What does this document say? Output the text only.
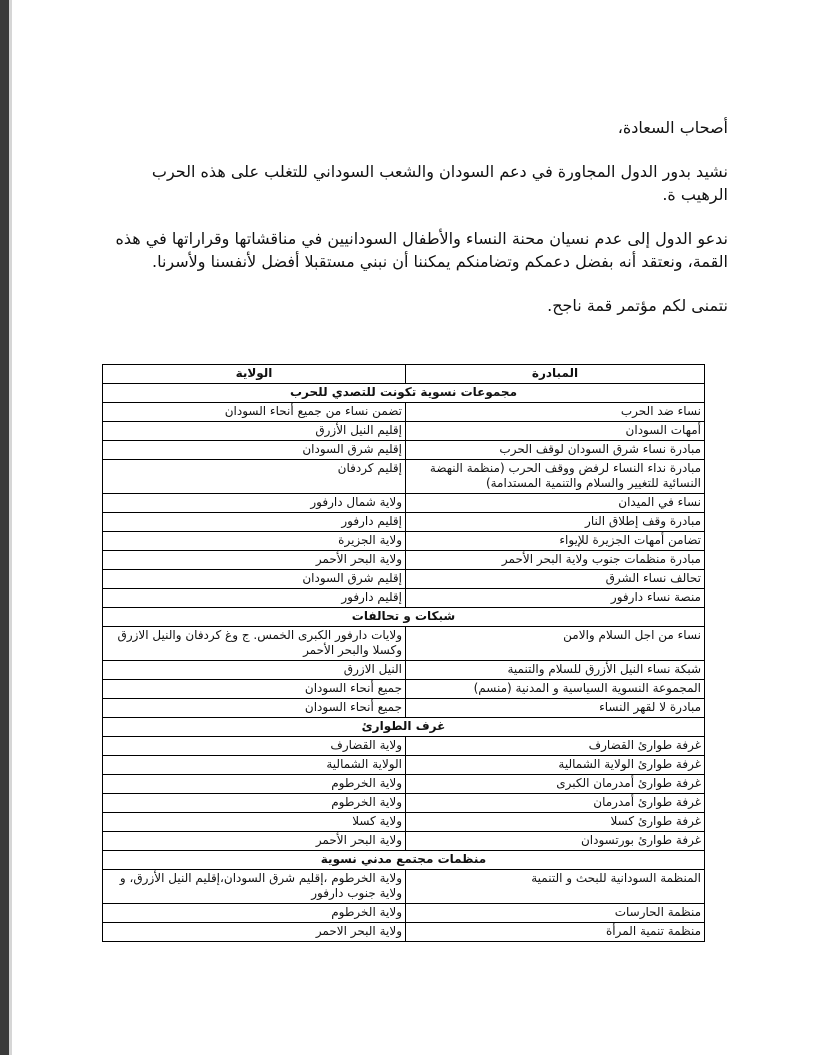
أصحاب السعادة،

نشيد بدور الدول المجاورة في دعم السودان والشعب السوداني للتغلب على هذه الحرب الرهيب ة.

ندعو الدول إلى عدم نسيان محنة النساء والأطفال السودانيين في مناقشاتها وقراراتها في هذه القمة، ونعتقد أنه بفضل دعمكم وتضامنكم يمكننا أن نبني مستقبلا أفضل لأنفسنا ولأسرنا.

نتمنى لكم مؤتمر قمة ناجح.

المبادرة	الولاية
مجموعات نسوية تكونت للتصدي للحرب	
نساء ضد الحرب	تضمن نساء من جميع أنحاء السودان
أمهات السودان	إقليم النيل الأزرق
مبادرة نساء شرق السودان لوقف الحرب	إقليم شرق السودان
مبادرة نداء النساء لرفض ووقف الحرب (منظمة النهضة النسائية للتغيير والسلام والتنمية المستدامة)	إقليم كردفان
نساء في الميدان	ولاية شمال دارفور
مبادرة وقف إطلاق النار	إقليم دارفور
تضامن أمهات الجزيرة للإيواء	ولاية الجزيرة
مبادرة منظمات جنوب ولاية البحر الأحمر	ولاية البحر الأحمر
تحالف نساء الشرق	إقليم شرق السودان
منصة نساء دارفور	إقليم دارفور
شبكات و تحالفات	
نساء من اجل السلام والامن	ولايات دارفور الكبرى الخمس. ج وغ كردفان والنيل الازرق وكسلا والبحر الأحمر
شبكة نساء النيل الأزرق للسلام والتنمية	النيل الازرق
المجموعة النسوية السياسية و المدنية (منسم)	جميع أنحاء السودان
مبادرة لا لقهر النساء	جميع أنحاء السودان
غرف الطوارئ	
غرفة طوارئ القضارف	ولاية القضارف
غرفة طوارئ الولاية الشمالية	الولاية الشمالية
غرفة طوارئ أمدرمان الكبرى	ولاية الخرطوم
غرفة طوارئ أمدرمان	ولاية الخرطوم
غرفة طوارئ كسلا	ولاية كسلا
غرفة طوارئ بورتسودان	ولاية البحر الأحمر
منظمات مجتمع مدني نسوية	
المنظمة السودانية للبحث و التنمية	ولاية الخرطوم ،إقليم شرق السودان،إقليم النيل الأزرق، و ولاية جنوب دارفور
منظمة الحارسات	ولاية الخرطوم
منظمة تنمية المرأة	ولاية البحر الاحمر
